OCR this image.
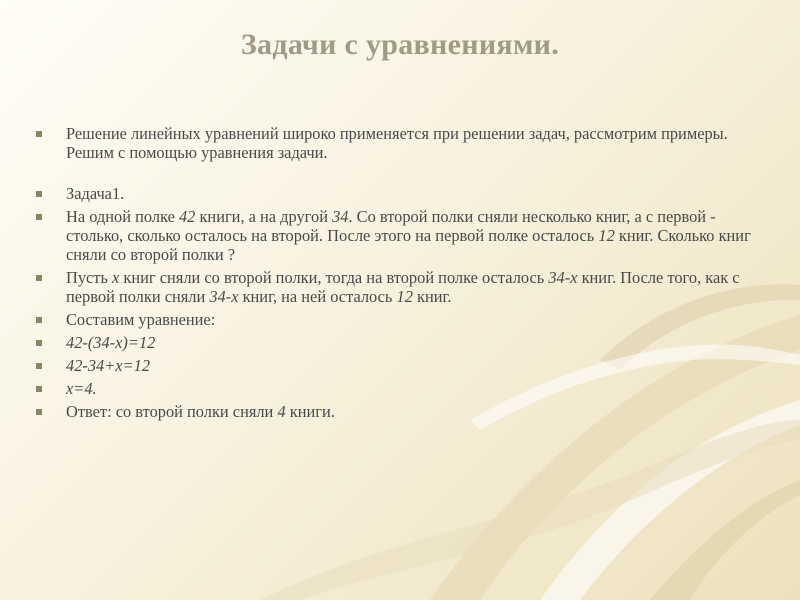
Задачи с уравнениями.
Решение линейных уравнений широко применяется при решении задач, рассмотрим примеры. Решим с помощью уравнения задачи.
Задача1.
На одной полке 42 книги, а на другой 34. Со второй полки сняли несколько книг, а с первой - столько, сколько осталось на второй. После этого на первой полке осталось 12 книг. Сколько книг сняли со второй полки ?
Пусть х книг сняли со второй полки, тогда на второй полке осталось 34-х книг. После того, как с первой полки сняли 34-х книг, на ней осталось 12 книг.
Составим уравнение:
42-(34-х)=12
42-34+х=12
х=4.
Ответ: со второй полки сняли 4 книги.
